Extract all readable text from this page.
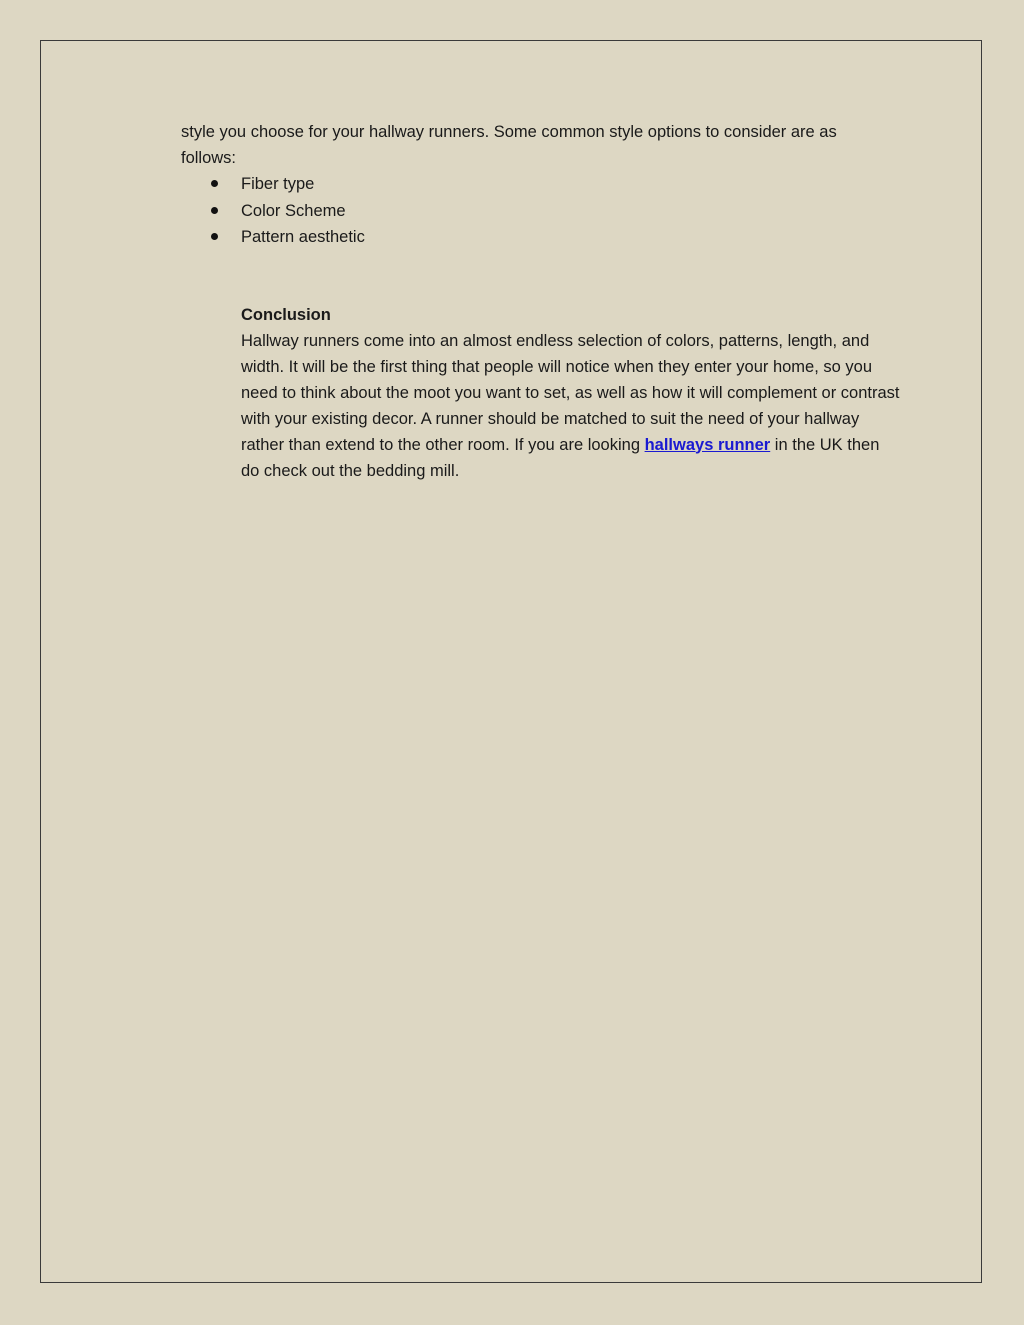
style you choose for your hallway runners. Some common style options to consider are as follows:

Fiber type
Color Scheme
Pattern aesthetic

Conclusion

Hallway runners come into an almost endless selection of colors, patterns, length, and width. It will be the first thing that people will notice when they enter your home, so you need to think about the moot you want to set, as well as how it will complement or contrast with your existing decor. A runner should be matched to suit the need of your hallway rather than extend to the other room. If you are looking hallways runner in the UK then do check out the bedding mill.
